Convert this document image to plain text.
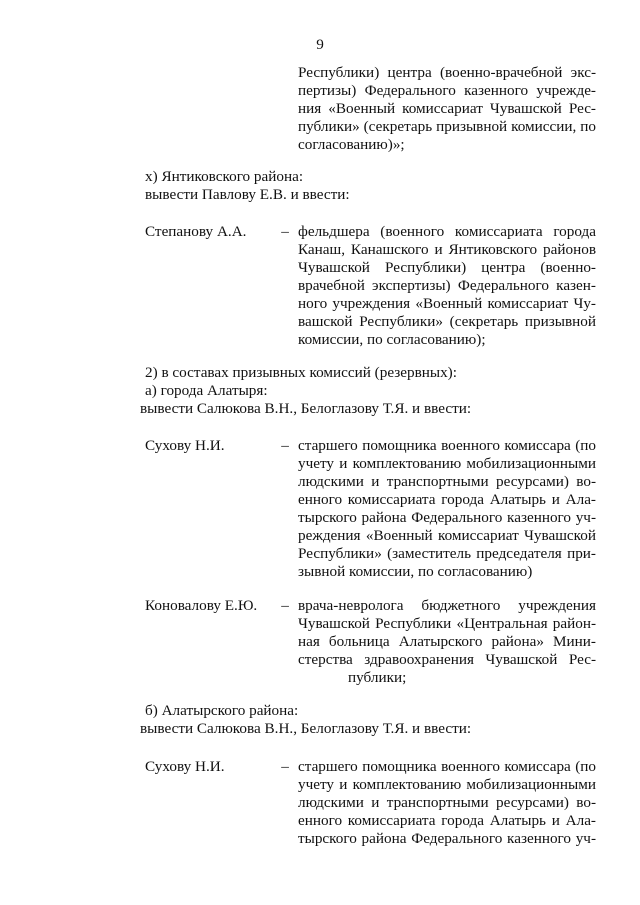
9
Республики) центра (военно-врачебной экс-
пертизы) Федерального казенного учрежде-
ния «Военный комиссариат Чувашской Рес-
публики» (секретарь призывной комиссии, по
согласованию)»;
х) Янтиковского района:
вывести Павлову Е.В. и ввести:
Степанову А.А. – фельдшера (военного комиссариата города
Канаш, Канашского и Янтиковского районов
Чувашской Республики) центра (военно-
врачебной экспертизы) Федерального казен-
ного учреждения «Военный комиссариат Чу-
вашской Республики» (секретарь призывной
комиссии, по согласованию);
2) в составах призывных комиссий (резервных):
а) города Алатыря:
вывести Салюкова В.Н., Белоглазову Т.Я. и ввести:
Сухову Н.И.	– старшего помощника военного комиссара (по
учету и комплектованию мобилизационными
людскими и транспортными ресурсами) во-
енного комиссариата города Алатырь и Ала-
тырского района Федерального казенного уч-
реждения «Военный комиссариат Чувашской
Республики» (заместитель председателя при-
зывной комиссии, по согласованию)
Коновалову Е.Ю. – врача-невролога бюджетного учреждения
Чувашской Республики «Центральная район-
ная больница Алатырского района» Мини-
стерства здравоохранения Чувашской Рес-
публики;
б) Алатырского района:
вывести Салюкова В.Н., Белоглазову Т.Я. и ввести:
Сухову Н.И.	– старшего помощника военного комиссара (по
учету и комплектованию мобилизационными
людскими и транспортными ресурсами) во-
енного комиссариата города Алатырь и Ала-
тырского района Федерального казенного уч-
